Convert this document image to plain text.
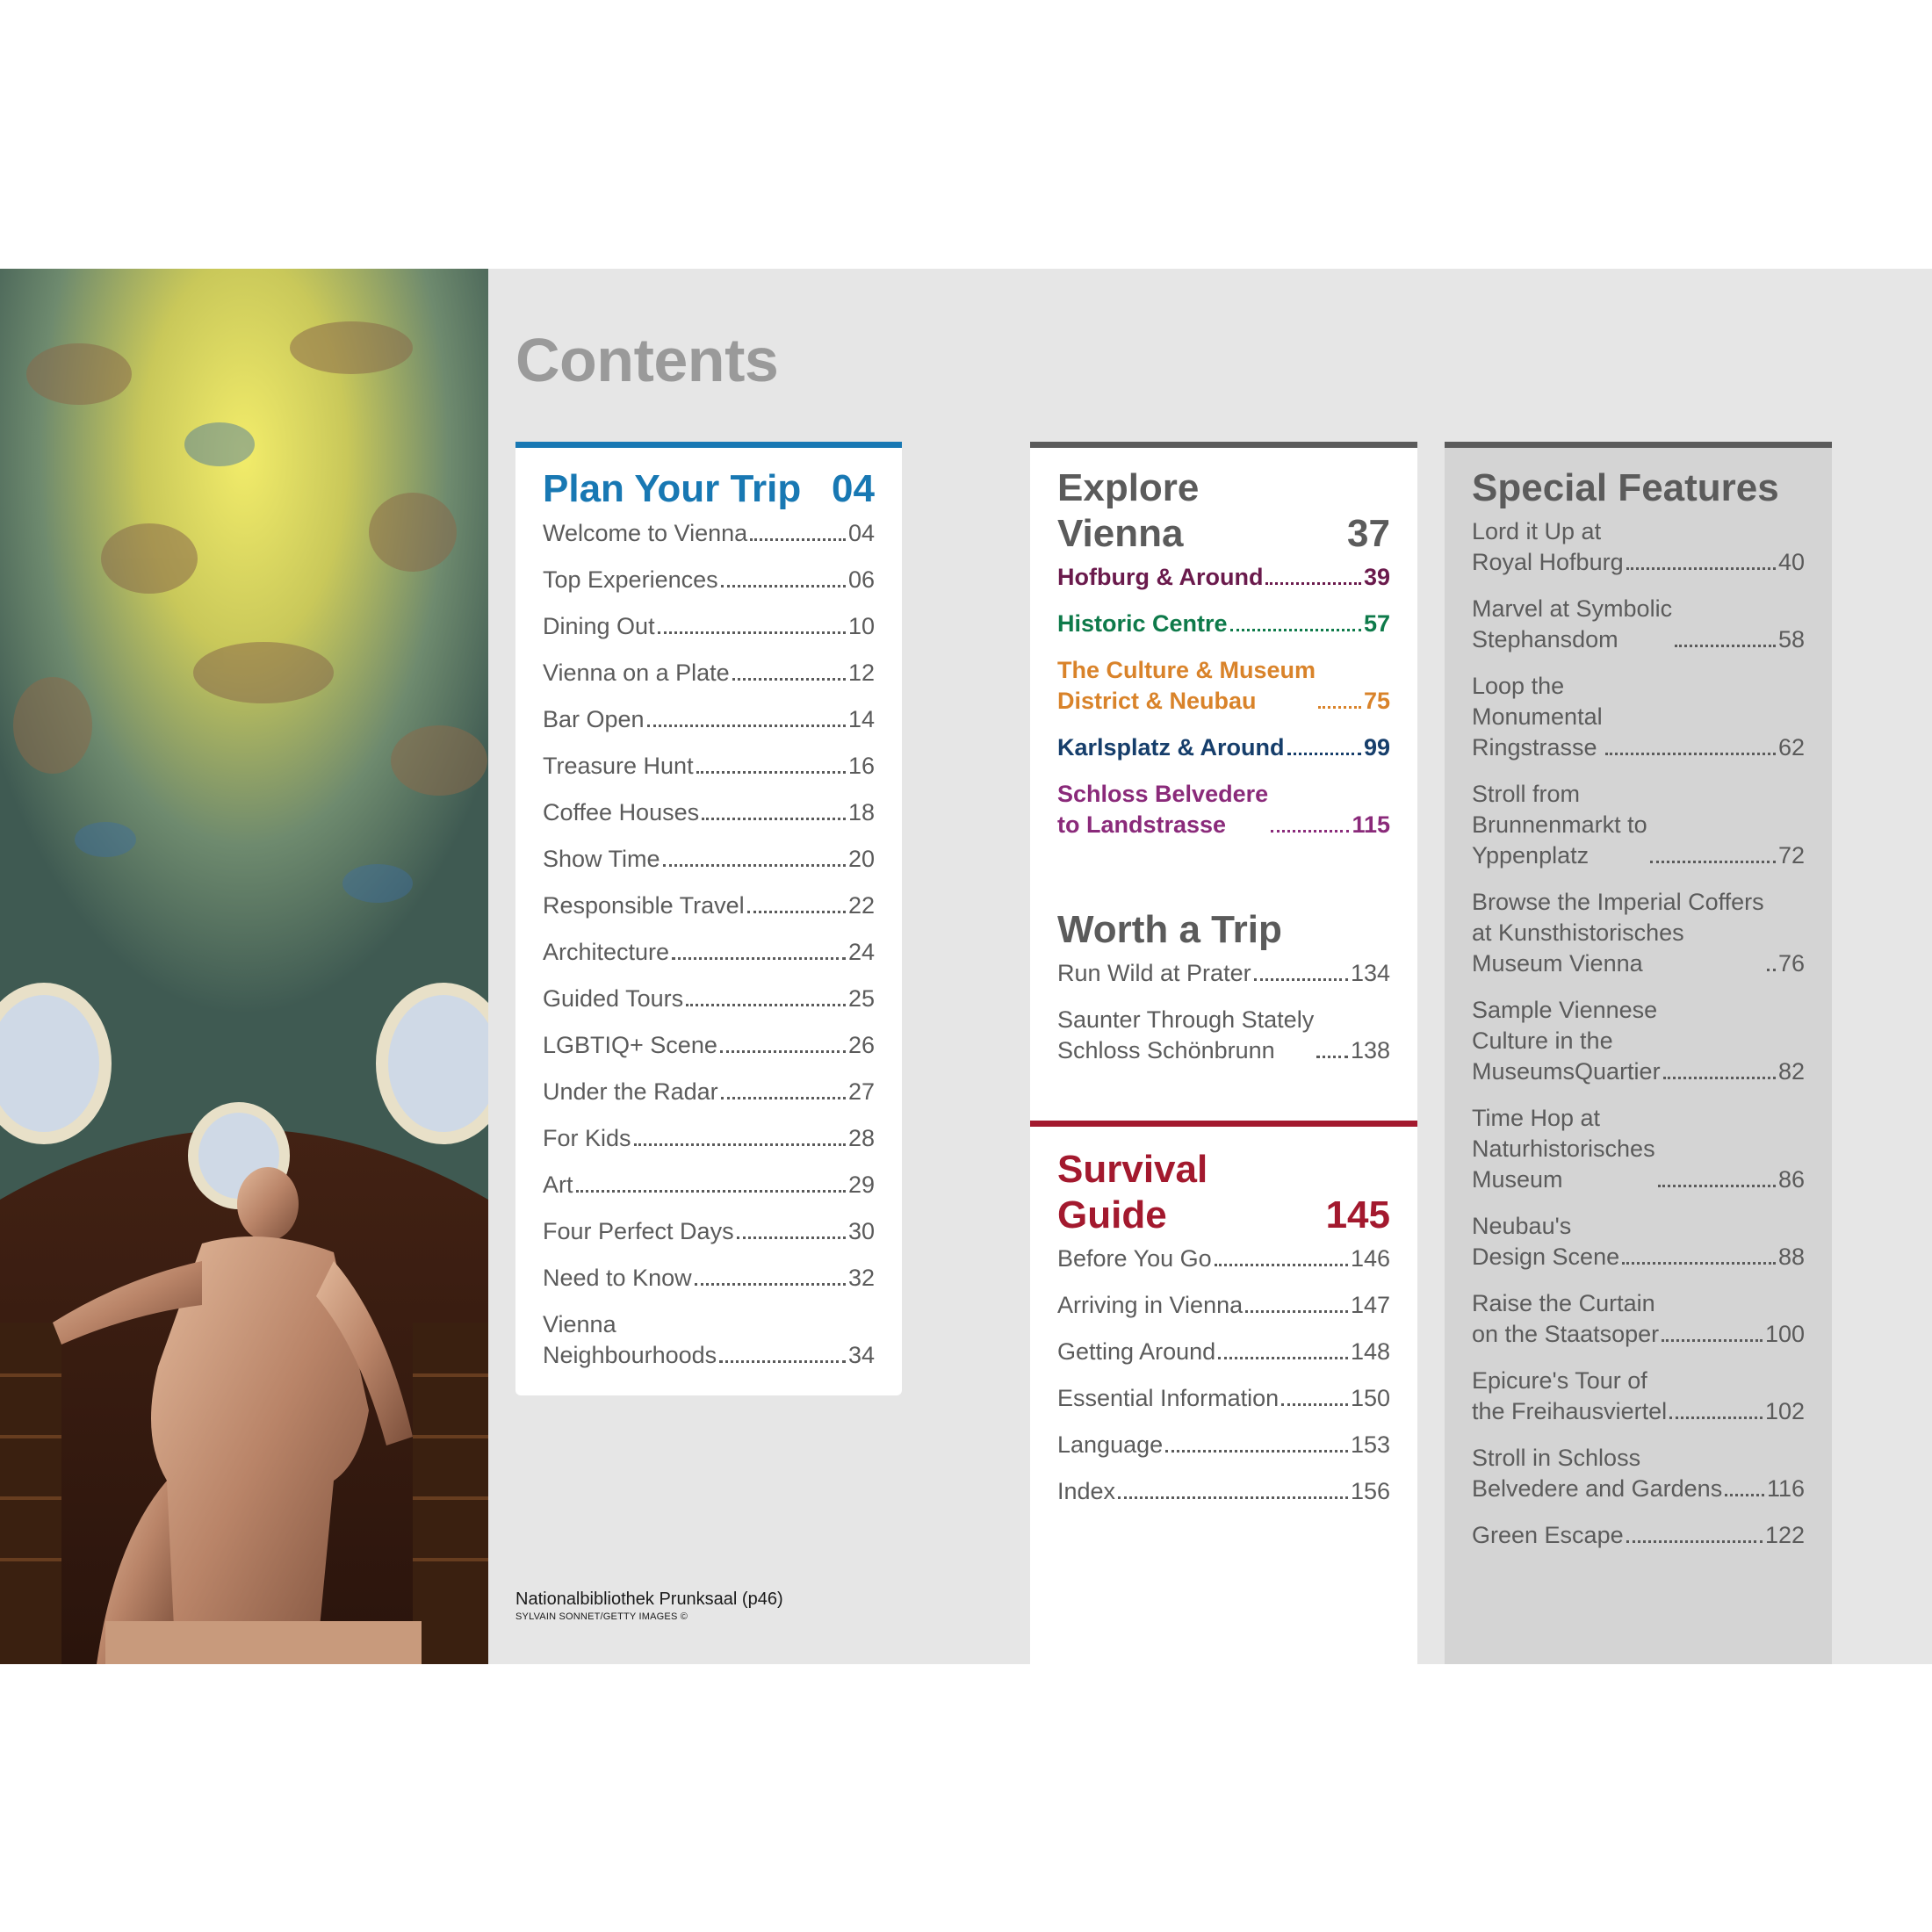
Nationalbibliothek Prunksaal (p46)
SYLVAIN SONNET/GETTY IMAGES ©
Contents
Plan Your Trip 04
Welcome to Vienna	04
Top Experiences	06
Dining Out	10
Vienna on a Plate	12
Bar Open	14
Treasure Hunt	16
Coffee Houses	18
Show Time	20
Responsible Travel	22
Architecture	24
Guided Tours	25
LGBTIQ+ Scene	26
Under the Radar	27
For Kids	28
Art	29
Four Perfect Days	30
Need to Know	32
Vienna
Neighbourhoods	34
Explore
Vienna	37
Hofburg & Around	39
Historic Centre	57
The Culture & Museum
District & Neubau	75
Karlsplatz & Around	99
Schloss Belvedere
to Landstrasse	115
Worth a Trip
Run Wild at Prater	134
Saunter Through Stately
Schloss Schönbrunn	138
Survival
Guide	145
Before You Go	146
Arriving in Vienna	147
Getting Around	148
Essential Information	150
Language	153
Index	156
Special Features
Lord it Up at
Royal Hofburg	40
Marvel at Symbolic
Stephansdom	58
Loop the
Monumental
Ringstrasse	62
Stroll from
Brunnenmarkt to
Yppenplatz	72
Browse the Imperial Coffers
at Kunsthistorisches
Museum Vienna	76
Sample Viennese
Culture in the
MuseumsQuartier	82
Time Hop at
Naturhistorisches
Museum	86
Neubau's
Design Scene	88
Raise the Curtain
on the Staatsoper	100
Epicure's Tour of
the Freihausviertel	102
Stroll in Schloss
Belvedere and Gardens 116
Green Escape	122
